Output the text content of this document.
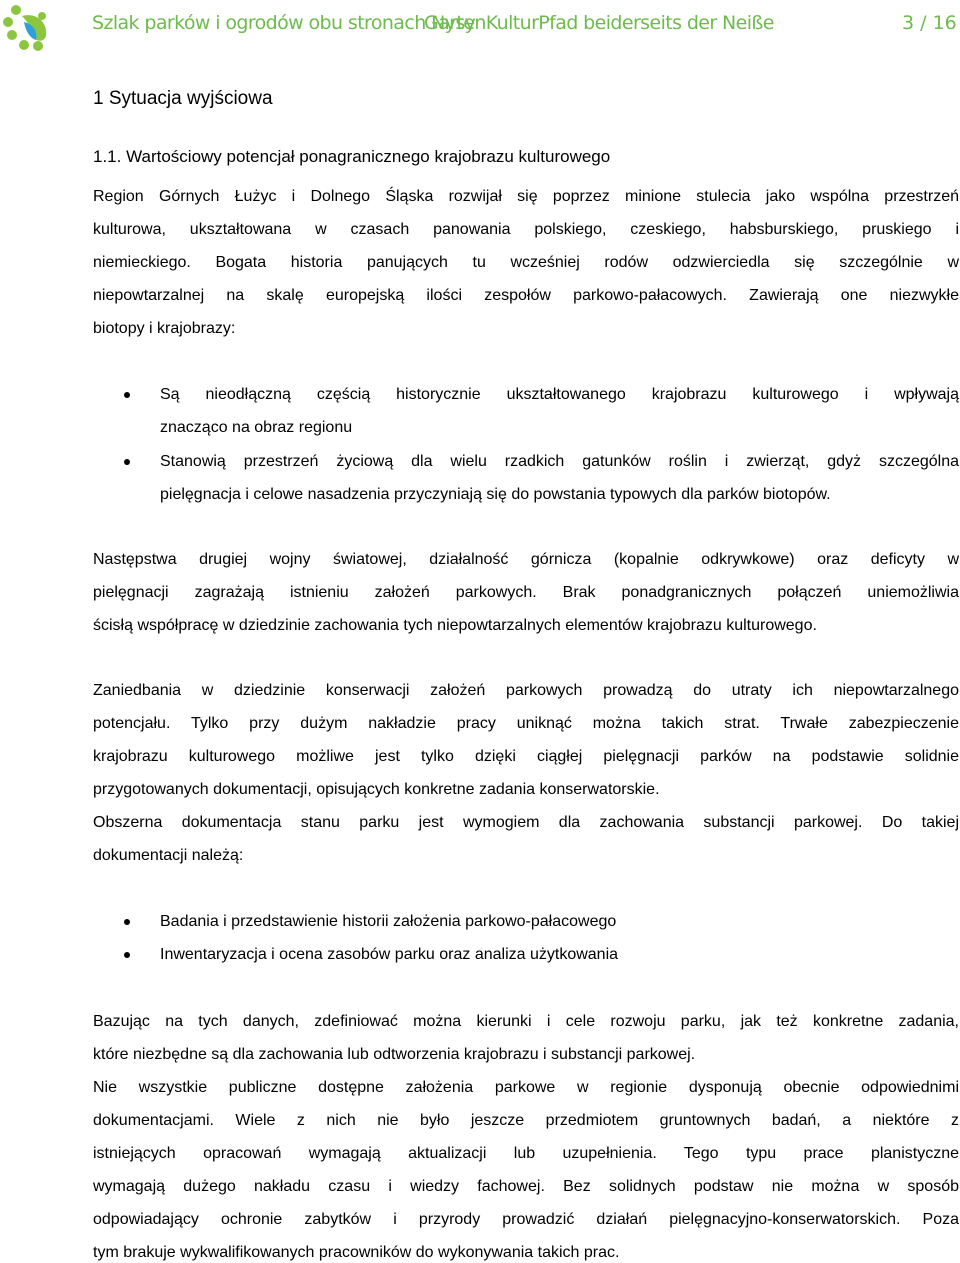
Szlak parków i ogrodów obu stronach Nysy
GartenKulturPfad beiderseits der Neiße	3 / 16
1 Sytuacja wyjściowa
1.1. Wartościowy potencjał ponagranicznego krajobrazu kulturowego
Region Górnych Łużyc i Dolnego Śląska rozwijał się poprzez minione stulecia jako wspólna przestrzeń
kulturowa, ukształtowana w czasach panowania polskiego, czeskiego, habsburskiego, pruskiego i
niemieckiego. Bogata historia panujących tu wcześniej rodów odzwierciedla się szczególnie w
niepowtarzalnej na skalę europejską ilości zespołów parkowo-pałacowych. Zawierają one niezwykłe
biotopy i krajobrazy:
Są nieodłączną częścią historycznie ukształtowanego krajobrazu kulturowego i wpływają
znacząco na obraz regionu
Stanowią przestrzeń życiową dla wielu rzadkich gatunków roślin i zwierząt, gdyż szczególna
pielęgnacja i celowe nasadzenia przyczyniają się do powstania typowych dla parków biotopów.
Następstwa drugiej wojny światowej, działalność górnicza (kopalnie odkrywkowe) oraz deficyty w
pielęgnacji zagrażają istnieniu założeń parkowych. Brak ponadgranicznych połączeń uniemożliwia
ścisłą współpracę w dziedzinie zachowania tych niepowtarzalnych elementów krajobrazu kulturowego.
Zaniedbania w dziedzinie konserwacji założeń parkowych prowadzą do utraty ich niepowtarzalnego
potencjału. Tylko przy dużym nakładzie pracy uniknąć można takich strat. Trwałe zabezpieczenie
krajobrazu kulturowego możliwe jest tylko dzięki ciągłej pielęgnacji parków na podstawie solidnie
przygotowanych dokumentacji, opisujących konkretne zadania konserwatorskie.
Obszerna dokumentacja stanu parku jest wymogiem dla zachowania substancji parkowej. Do takiej
dokumentacji należą:
Badania i przedstawienie historii założenia parkowo-pałacowego
Inwentaryzacja i ocena zasobów parku oraz analiza użytkowania
Bazując na tych danych, zdefiniować można kierunki i cele rozwoju parku, jak też konkretne zadania,
które niezbędne są dla zachowania lub odtworzenia krajobrazu i substancji parkowej.
Nie wszystkie publiczne dostępne założenia parkowe w regionie dysponują obecnie odpowiednimi
dokumentacjami. Wiele z nich nie było jeszcze przedmiotem gruntownych badań, a niektóre z
istniejących opracowań wymagają aktualizacji lub uzupełnienia. Tego typu prace planistyczne
wymagają dużego nakładu czasu i wiedzy fachowej. Bez solidnych podstaw nie można w sposób
odpowiadający ochronie zabytków i przyrody prowadzić działań pielęgnacyjno-konserwatorskich. Poza
tym brakuje wykwalifikowanych pracowników do wykonywania takich prac.
